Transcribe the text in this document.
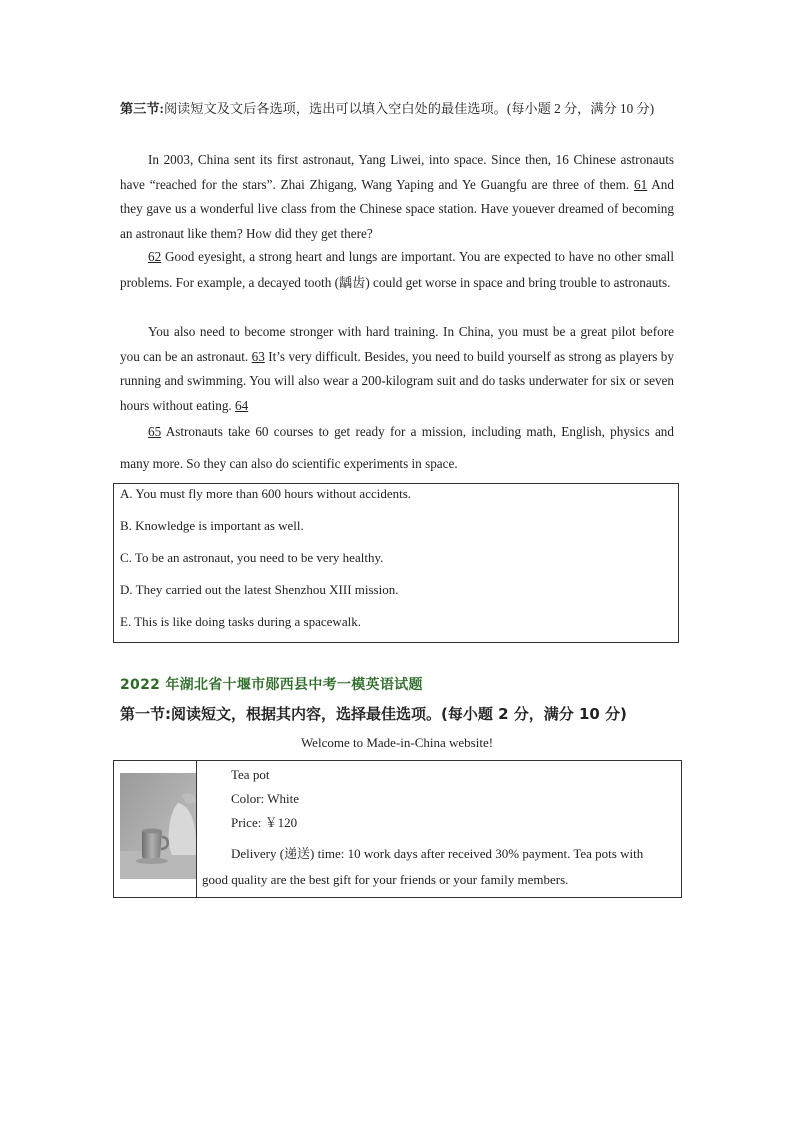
第三节:阅读短文及文后各选项，选出可以填入空白处的最佳选项。(每小题 2 分，满分 10 分)
In 2003, China sent its first astronaut, Yang Liwei, into space. Since then, 16 Chinese astronauts have “reached for the stars”. Zhai Zhigang, Wang Yaping and Ye Guangfu are three of them. 61 And they gave us a wonderful live class from the Chinese space station. Have youever dreamed of becoming an astronaut like them? How did they get there?
62 Good eyesight, a strong heart and lungs are important. You are expected to have no other small problems. For example, a decayed tooth (龋齿) could get worse in space and bring trouble to astronauts.
You also need to become stronger with hard training. In China, you must be a great pilot before you can be an astronaut. 63 It’s very difficult. Besides, you need to build yourself as strong as players by running and swimming. You will also wear a 200-kilogram suit and do tasks underwater for six or seven hours without eating. 64
65 Astronauts take 60 courses to get ready for a mission, including math, English, physics and many more. So they can also do scientific experiments in space.
A. You must fly more than 600 hours without accidents.
B. Knowledge is important as well.
C. To be an astronaut, you need to be very healthy.
D. They carried out the latest Shenzhou XIII mission.
E. This is like doing tasks during a spacewalk.
2022 年湖北省十堰市郧西县中考一模英语试题
第一节:阅读短文，根据其内容，选择最佳选项。(每小题 2 分，满分 10 分)
Welcome to Made-in-China website!
Tea pot
Color: White
Price: ￥120
Delivery (递送) time: 10 work days after received 30% payment. Tea pots with good quality are the best gift for your friends or your family members.
